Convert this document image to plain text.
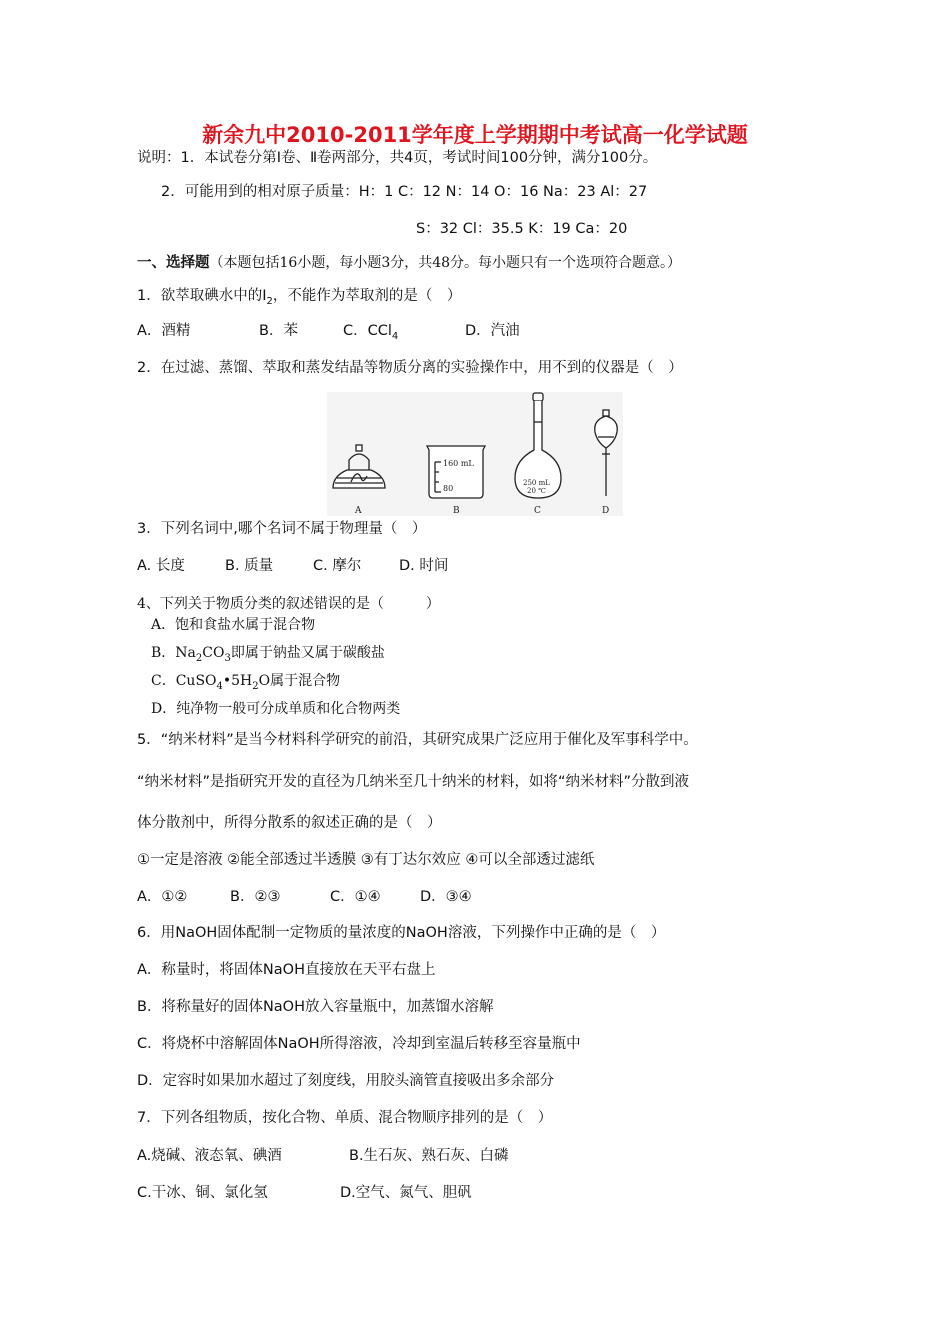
新余九中2010-2011学年度上学期期中考试高一化学试题
说明：1．本试卷分第Ⅰ卷、Ⅱ卷两部分，共4页，考试时间100分钟，满分100分。
2．可能用到的相对原子质量：H：1 C：12 N：14 O：16 Na：23 Al：27
S：32 Cl：35.5 K：19 Ca：20
一、选择题（本题包括16小题，每小题3分，共48分。每小题只有一个选项符合题意。）
1．欲萃取碘水中的$I_2$，不能作为萃取剂的是（　）
A．酒精	B．苯	C．CCl$_4$	D．汽油
2．在过滤、蒸馏、萃取和蒸发结晶等物质分离的实验操作中，用不到的仪器是（　）
160 mL
80
250 mL
20 ℃
A	B	C	D
3．下列名词中,哪个名词不属于物理量（　）
A. 长度	B. 质量	C. 摩尔	D. 时间
4、下列关于物质分类的叙述错误的是（　　　）
A．饱和食盐水属于混合物
B．$Na_2CO_3$即属于钠盐又属于碳酸盐
C．$CuSO_4•5H_2O$属于混合物
D．纯净物一般可分成单质和化合物两类
5．“纳米材料”是当今材料科学研究的前沿，其研究成果广泛应用于催化及军事科学中。
“纳米材料”是指研究开发的直径为几纳米至几十纳米的材料，如将“纳米材料”分散到液
体分散剂中，所得分散系的叙述正确的是（　）
①一定是溶液 ②能全部透过半透膜 ③有丁达尔效应 ④可以全部透过滤纸
A．①②	B．②③	C．①④	D．③④
6．用NaOH固体配制一定物质的量浓度的NaOH溶液，下列操作中正确的是（　）
A．称量时，将固体NaOH直接放在天平右盘上
B．将称量好的固体NaOH放入容量瓶中，加蒸馏水溶解
C．将烧杯中溶解固体NaOH所得溶液，冷却到室温后转移至容量瓶中
D．定容时如果加水超过了刻度线，用胶头滴管直接吸出多余部分
7．下列各组物质，按化合物、单质、混合物顺序排列的是（　）
A.烧碱、液态氧、碘酒	B.生石灰、熟石灰、白磷
C.干冰、铜、氯化氢	D.空气、氮气、胆矾
